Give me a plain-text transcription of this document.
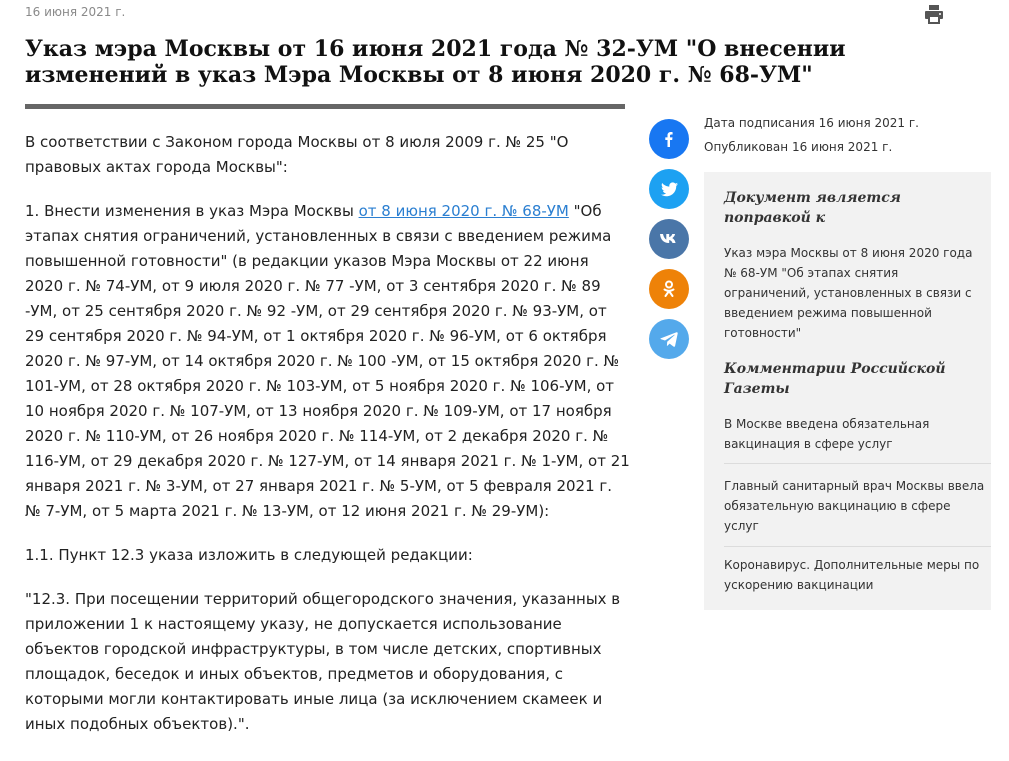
16 июня 2021 г.
Указ мэра Москвы от 16 июня 2021 года № 32-УМ "О внесении изменений в указ Мэра Москвы от 8 июня 2020 г. № 68-УМ"

В соответствии с Законом города Москвы от 8 июля 2009 г. № 25 "О правовых актах города Москвы":

1. Внести изменения в указ Мэра Москвы от 8 июня 2020 г. № 68-УМ "Об этапах снятия ограничений, установленных в связи с введением режима повышенной готовности" (в редакции указов Мэра Москвы от 22 июня 2020 г. № 74-УМ, от 9 июля 2020 г. № 77 -УМ, от 3 сентября 2020 г. № 89 -УМ, от 25 сентября 2020 г. № 92 -УМ, от 29 сентября 2020 г. № 93-УМ, от 29 сентября 2020 г. № 94-УМ, от 1 октября 2020 г. № 96-УМ, от 6 октября 2020 г. № 97-УМ, от 14 октября 2020 г. № 100 -УМ, от 15 октября 2020 г. № 101-УМ, от 28 октября 2020 г. № 103-УМ, от 5 ноября 2020 г. № 106-УМ, от 10 ноября 2020 г. № 107-УМ, от 13 ноября 2020 г. № 109-УМ, от 17 ноября 2020 г. № 110-УМ, от 26 ноября 2020 г. № 114-УМ, от 2 декабря 2020 г. № 116-УМ, от 29 декабря 2020 г. № 127-УМ, от 14 января 2021 г. № 1-УМ, от 21 января 2021 г. № 3-УМ, от 27 января 2021 г. № 5-УМ, от 5 февраля 2021 г. № 7-УМ, от 5 марта 2021 г. № 13-УМ, от 12 июня 2021 г. № 29-УМ):

1.1. Пункт 12.3 указа изложить в следующей редакции:

"12.3. При посещении территорий общегородского значения, указанных в приложении 1 к настоящему указу, не допускается использование объектов городской инфраструктуры, в том числе детских, спортивных площадок, беседок и иных объектов, предметов и оборудования, с которыми могли контактировать иные лица (за исключением скамеек и иных подобных объектов).".

Дата подписания 16 июня 2021 г.
Опубликован 16 июня 2021 г.
Документ является поправкой к
Указ мэра Москвы от 8 июня 2020 года № 68-УМ "Об этапах снятия ограничений, установленных в связи с введением режима повышенной готовности"
Комментарии Российской Газеты
В Москве введена обязательная вакцинация в сфере услуг
Главный санитарный врач Москвы ввела обязательную вакцинацию в сфере услуг
Коронавирус. Дополнительные меры по ускорению вакцинации
